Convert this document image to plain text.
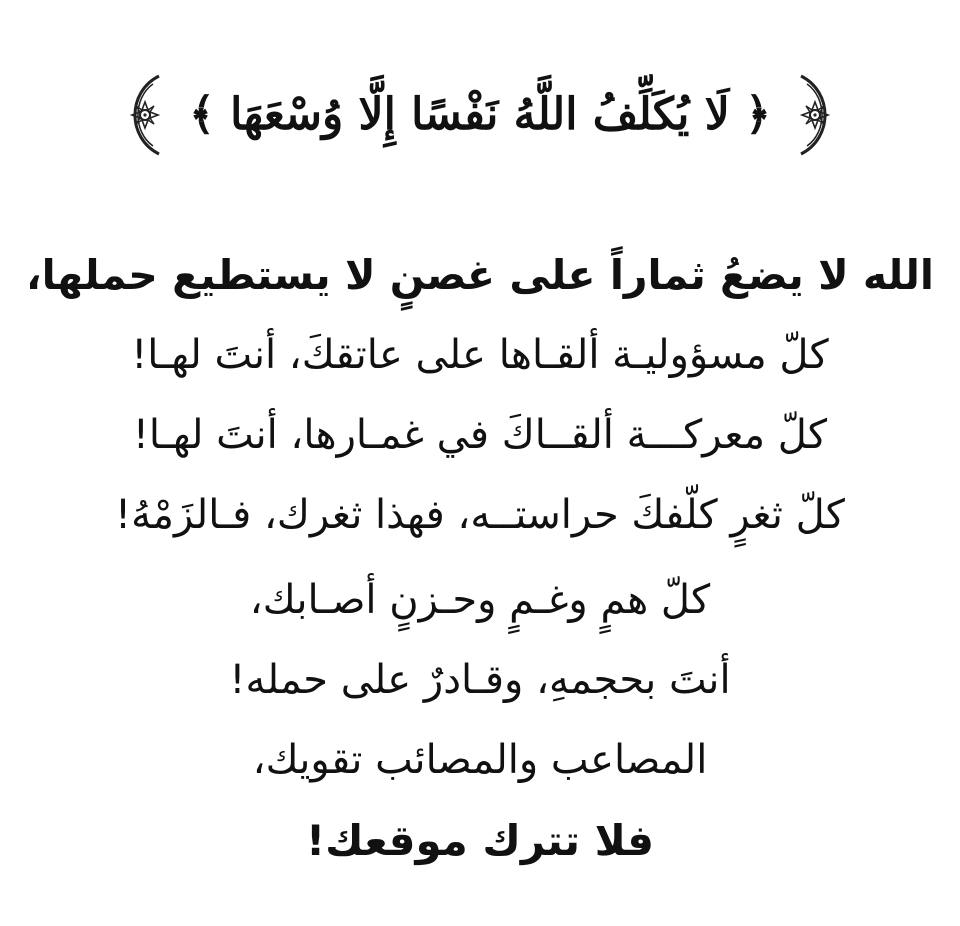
﴿ لَا يُكَلِّفُ اللَّهُ نَفْسًا إِلَّا وُسْعَهَا ﴾
الله لا يضعُ ثماراً على غصنٍ لا يستطيع حملها،
كلّ مسؤوليـة ألقـاها على عاتقكَ، أنتَ لهـا!
كلّ معركـــة ألقــاكَ في غمـارها، أنتَ لهـا!
كلّ ثغرٍ كلّفكَ حراستــه، فهذا ثغرك، فـالزَمْهُ!
كلّ همٍ وغـمٍ وحـزنٍ أصـابك،
أنتَ بحجمهِ، وقـادرٌ على حمله!
المصاعب والمصائب تقويك،
فلا تترك موقعك!
